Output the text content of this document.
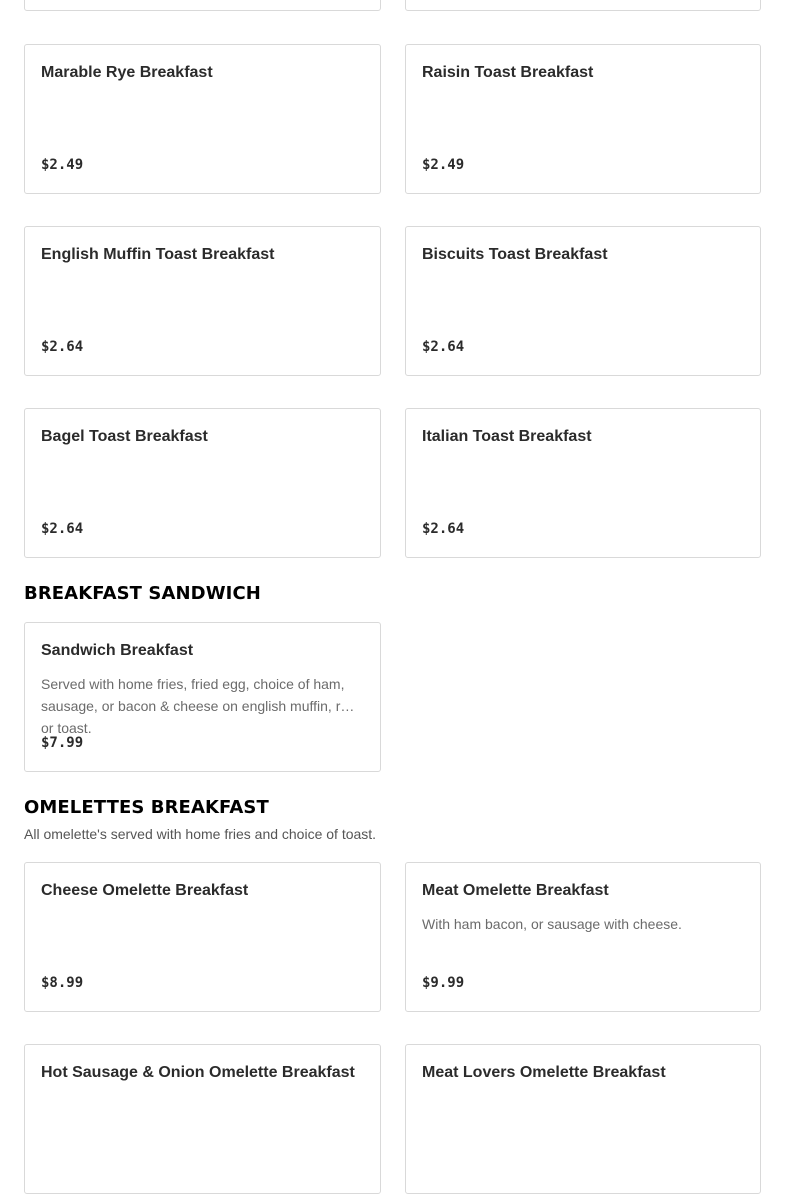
Marable Rye Breakfast
$2.49
Raisin Toast Breakfast
$2.49
English Muffin Toast Breakfast
$2.64
Biscuits Toast Breakfast
$2.64
Bagel Toast Breakfast
$2.64
Italian Toast Breakfast
$2.64
BREAKFAST SANDWICH
Sandwich Breakfast
Served with home fries, fried egg, choice of ham, sausage, or bacon & cheese on english muffin, roll or toast.
$7.99
OMELETTES BREAKFAST
All omelette's served with home fries and choice of toast.
Cheese Omelette Breakfast
$8.99
Meat Omelette Breakfast
With ham bacon, or sausage with cheese.
$9.99
Hot Sausage & Onion Omelette Breakfast	Meat Lovers Omelette Breakfast
